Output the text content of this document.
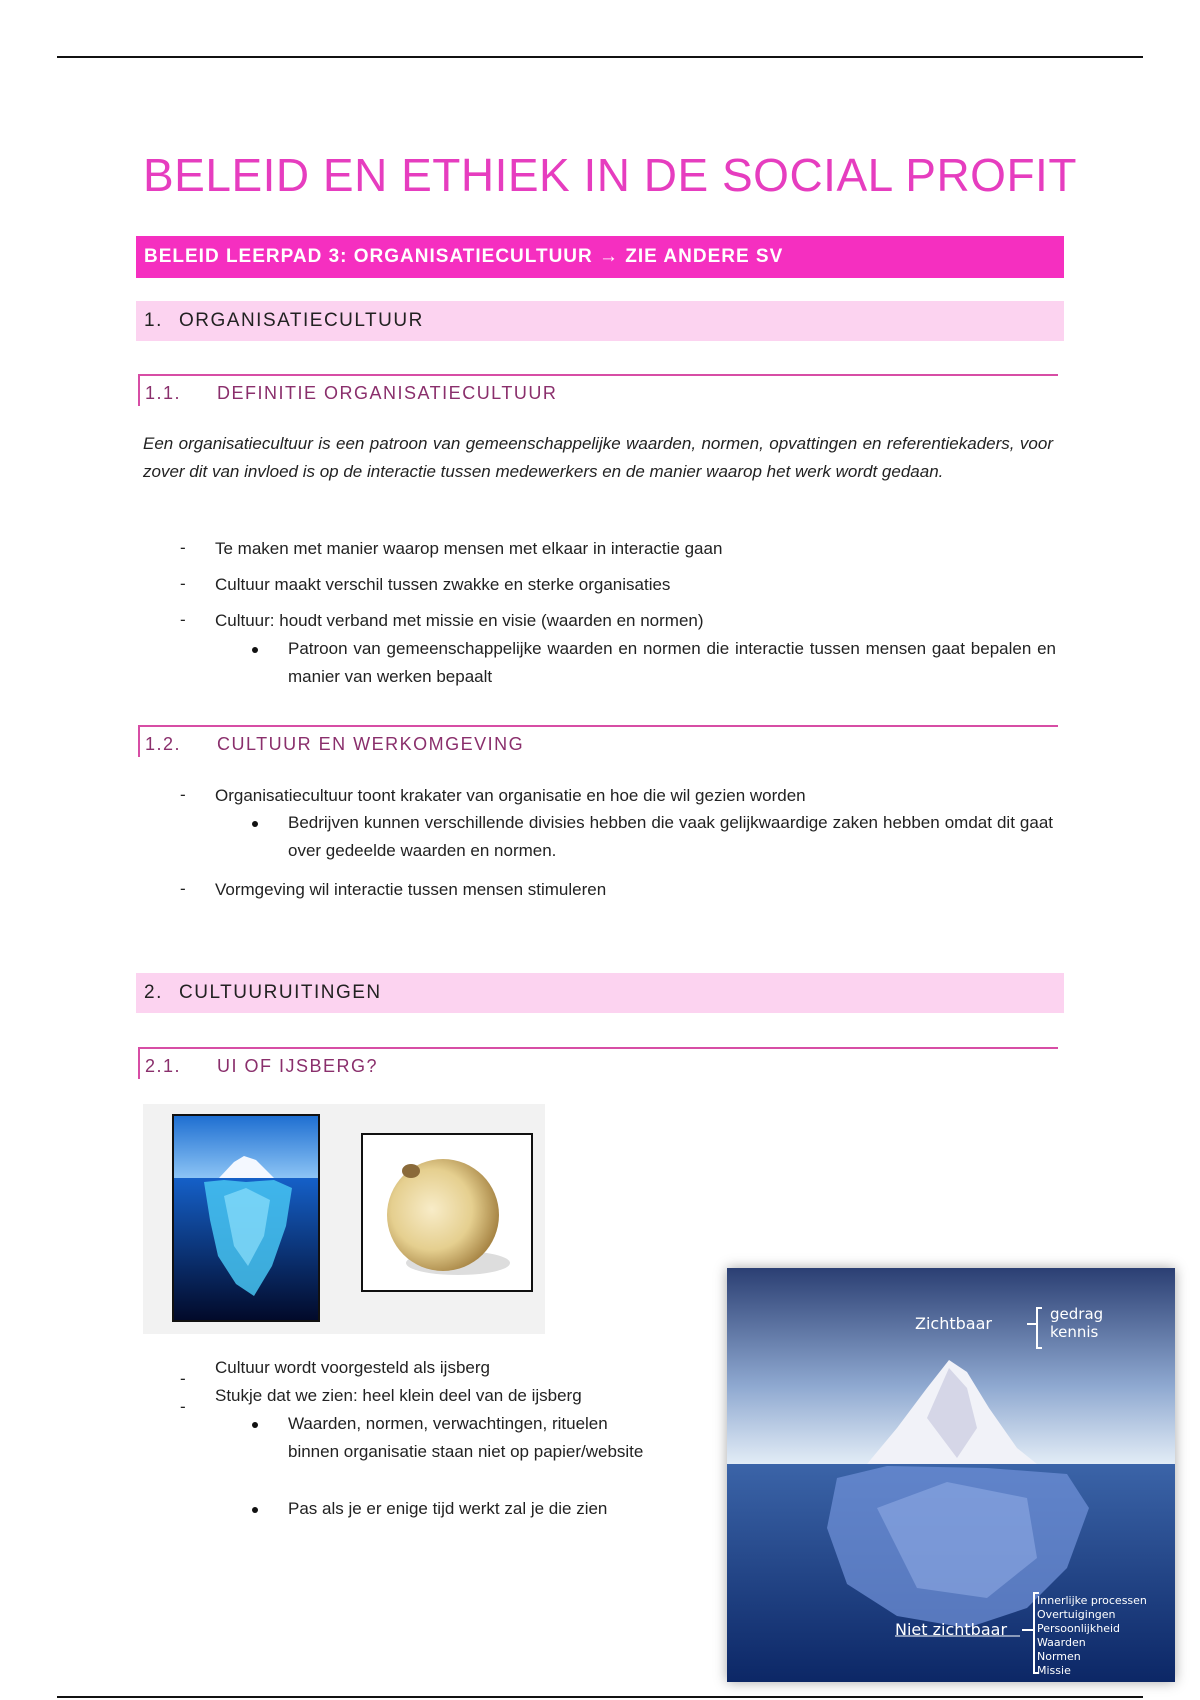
BELEID EN ETHIEK IN DE SOCIAL PROFIT
BELEID LEERPAD 3: ORGANISATIECULTUUR → ZIE ANDERE SV
1. ORGANISATIECULTUUR
1.1. DEFINITIE ORGANISATIECULTUUR
Een organisatiecultuur is een patroon van gemeenschappelijke waarden, normen, opvattingen en referentiekaders, voor zover dit van invloed is op de interactie tussen medewerkers en de manier waarop het werk wordt gedaan.
- Te maken met manier waarop mensen met elkaar in interactie gaan
- Cultuur maakt verschil tussen zwakke en sterke organisaties
- Cultuur: houdt verband met missie en visie (waarden en normen)
Patroon van gemeenschappelijke waarden en normen die interactie tussen mensen gaat bepalen en manier van werken bepaalt
1.2. CULTUUR EN WERKOMGEVING
- Organisatiecultuur toont krakater van organisatie en hoe die wil gezien worden
Bedrijven kunnen verschillende divisies hebben die vaak gelijkwaardige zaken hebben omdat dit gaat over gedeelde waarden en normen.
- Vormgeving wil interactie tussen mensen stimuleren
2. CULTUURUITINGEN
2.1. UI OF IJSBERG?
-
Cultuur wordt voorgesteld als ijsberg
-
Stukje dat we zien: heel klein deel van de ijsberg
Waarden, normen, verwachtingen, rituelen binnen organisatie staan niet op papier/website
Pas als je er enige tijd werkt zal je die zien
Zichtbaar	gedrag
kennis
Niet zichtbaar
Innerlijke processen
Overtuigingen
Persoonlijkheid
Waarden
Normen
Missie
